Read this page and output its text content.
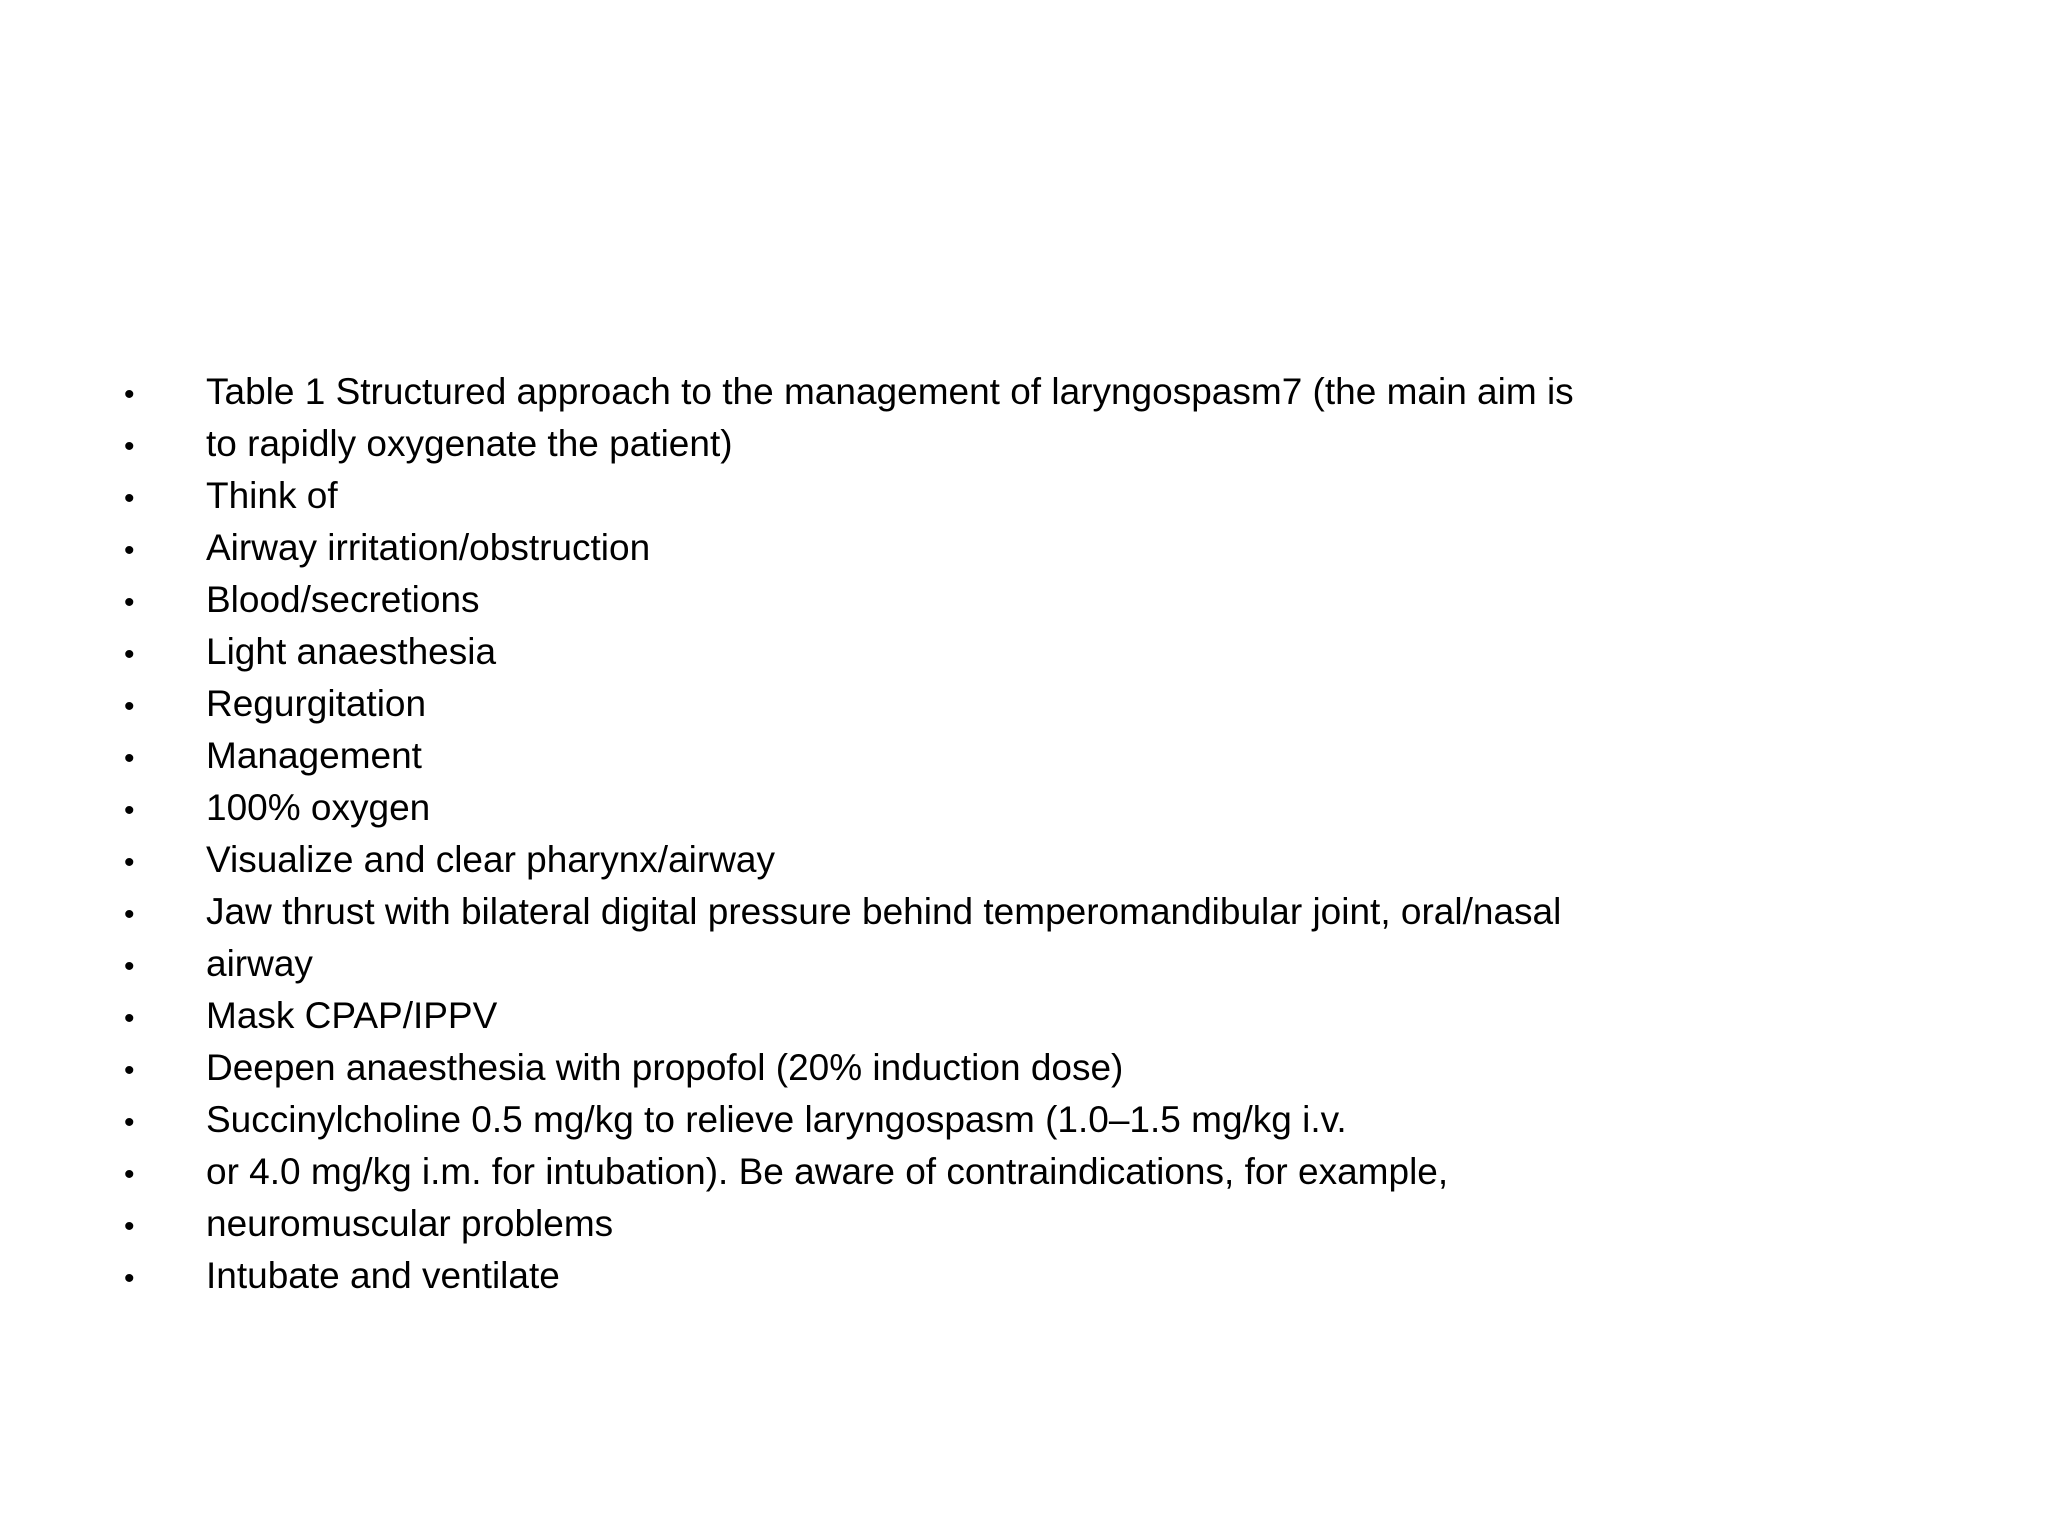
•	Table 1 Structured approach to the management of laryngospasm7 (the main aim is
•	to rapidly oxygenate the patient)
•	Think of
•	Airway irritation/obstruction
•	Blood/secretions
•	Light anaesthesia
•	Regurgitation
•	Management
•	100% oxygen
•	Visualize and clear pharynx/airway
•	Jaw thrust with bilateral digital pressure behind temperomandibular joint, oral/nasal
•	airway
•	Mask CPAP/IPPV
•	Deepen anaesthesia with propofol (20% induction dose)
•	Succinylcholine 0.5 mg/kg to relieve laryngospasm (1.0–1.5 mg/kg i.v.
•	or 4.0 mg/kg i.m. for intubation). Be aware of contraindications, for example,
•	neuromuscular problems
•	Intubate and ventilate
